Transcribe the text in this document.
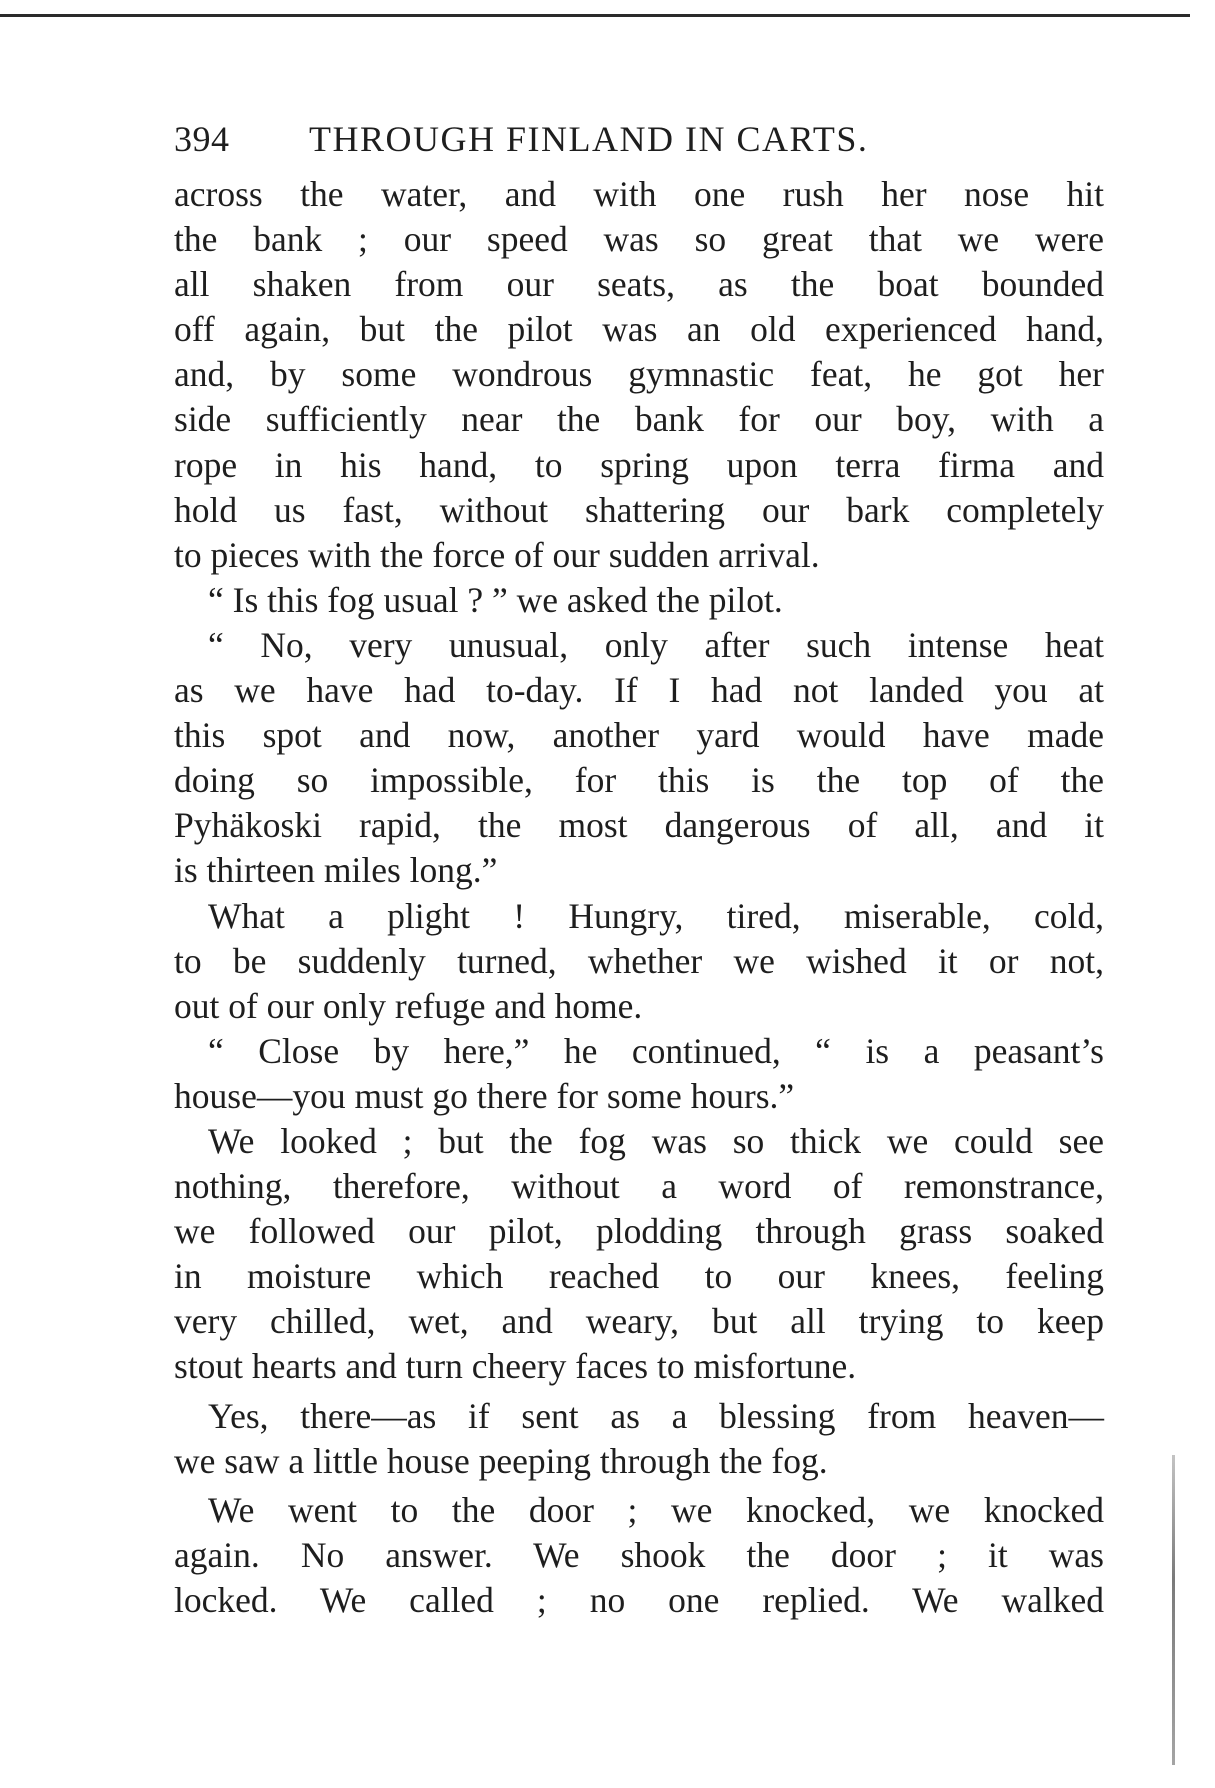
394 THROUGH FINLAND IN CARTS.
across the water, and with one rush her nose hit
the bank ; our speed was so great that we were
all shaken from our seats, as the boat bounded
off again, but the pilot was an old experienced hand,
and, by some wondrous gymnastic feat, he got her
side sufficiently near the bank for our boy, with a
rope in his hand, to spring upon terra firma and
hold us fast, without shattering our bark completely
to pieces with the force of our sudden arrival.
“ Is this fog usual ? ” we asked the pilot.
“ No, very unusual, only after such intense heat
as we have had to-day. If I had not landed you at
this spot and now, another yard would have made
doing so impossible, for this is the top of the
Pyhäkoski rapid, the most dangerous of all, and it
is thirteen miles long.”
What a plight ! Hungry, tired, miserable, cold,
to be suddenly turned, whether we wished it or not,
out of our only refuge and home.
“ Close by here,” he continued, “ is a peasant’s
house—you must go there for some hours.”
We looked ; but the fog was so thick we could see
nothing, therefore, without a word of remonstrance,
we followed our pilot, plodding through grass soaked
in moisture which reached to our knees, feeling
very chilled, wet, and weary, but all trying to keep
stout hearts and turn cheery faces to misfortune.
Yes, there—as if sent as a blessing from heaven—
we saw a little house peeping through the fog.
We went to the door ; we knocked, we knocked
again. No answer. We shook the door ; it was
locked. We called ; no one replied. We walked
